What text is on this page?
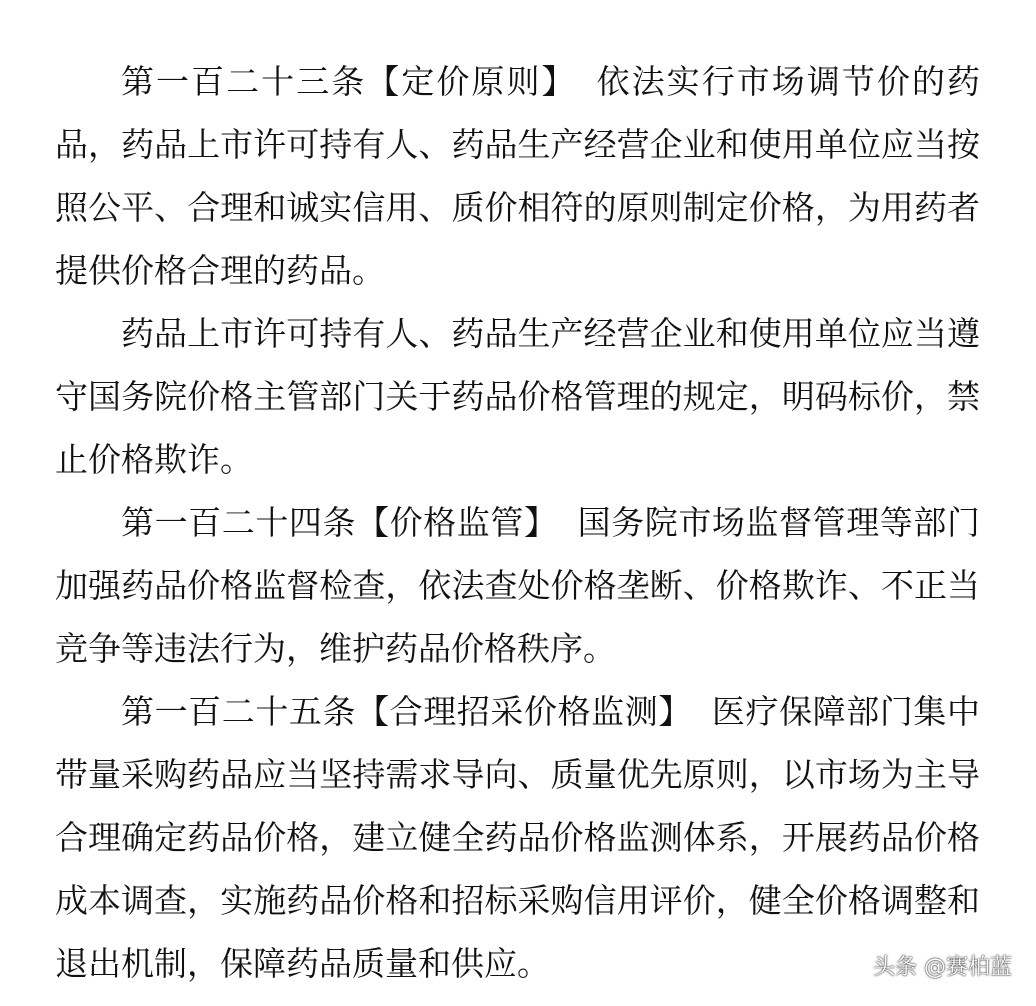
第一百二十三条【定价原则】 依法实行市场调节价的药品，药品上市许可持有人、药品生产经营企业和使用单位应当按照公平、合理和诚实信用、质价相符的原则制定价格，为用药者提供价格合理的药品。

药品上市许可持有人、药品生产经营企业和使用单位应当遵守国务院价格主管部门关于药品价格管理的规定，明码标价，禁止价格欺诈。

第一百二十四条【价格监管】 国务院市场监督管理等部门加强药品价格监督检查，依法查处价格垄断、价格欺诈、不正当竞争等违法行为，维护药品价格秩序。

第一百二十五条【合理招采价格监测】 医疗保障部门集中带量采购药品应当坚持需求导向、质量优先原则，以市场为主导合理确定药品价格，建立健全药品价格监测体系，开展药品价格成本调查，实施药品价格和招标采购信用评价，健全价格调整和退出机制，保障药品质量和供应。	头条 @赛柏蓝
